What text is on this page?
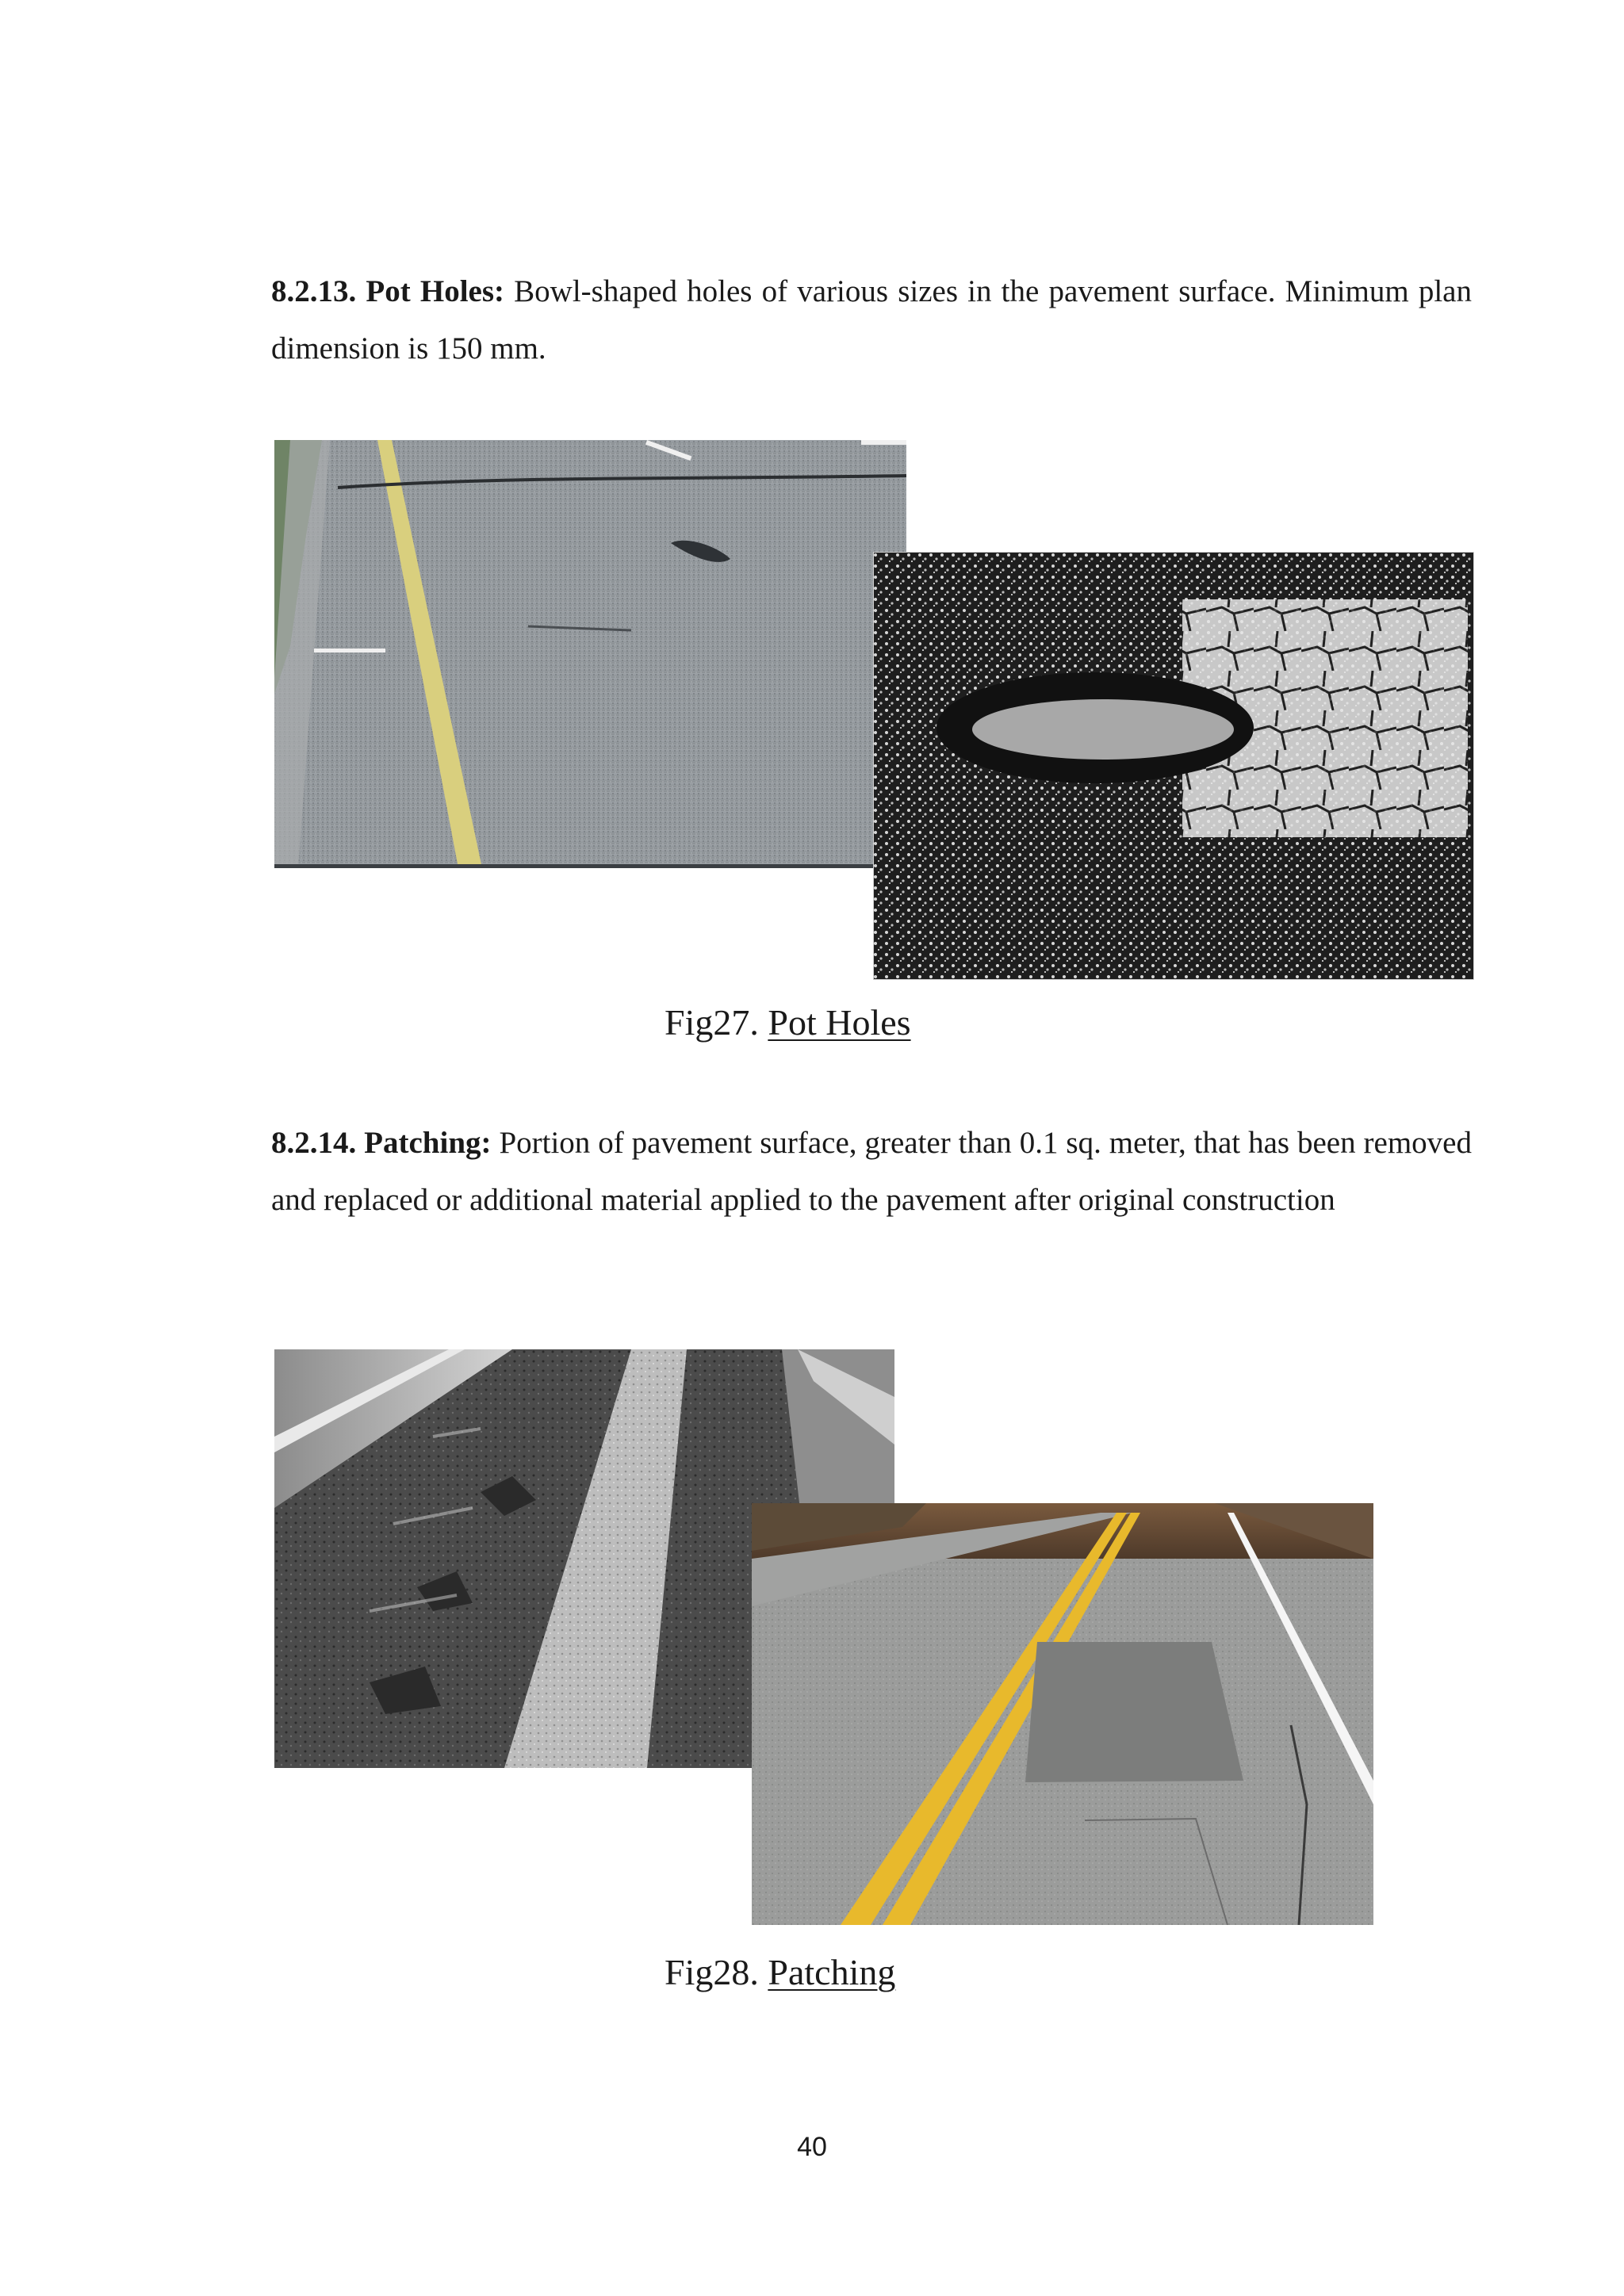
8.2.13. Pot Holes: Bowl-shaped holes of various sizes in the pavement surface. Minimum plan dimension is 150 mm.

Fig27. Pot Holes

8.2.14. Patching: Portion of pavement surface, greater than 0.1 sq. meter, that has been removed and replaced or additional material applied to the pavement after original construction

Fig28. Patching
40
